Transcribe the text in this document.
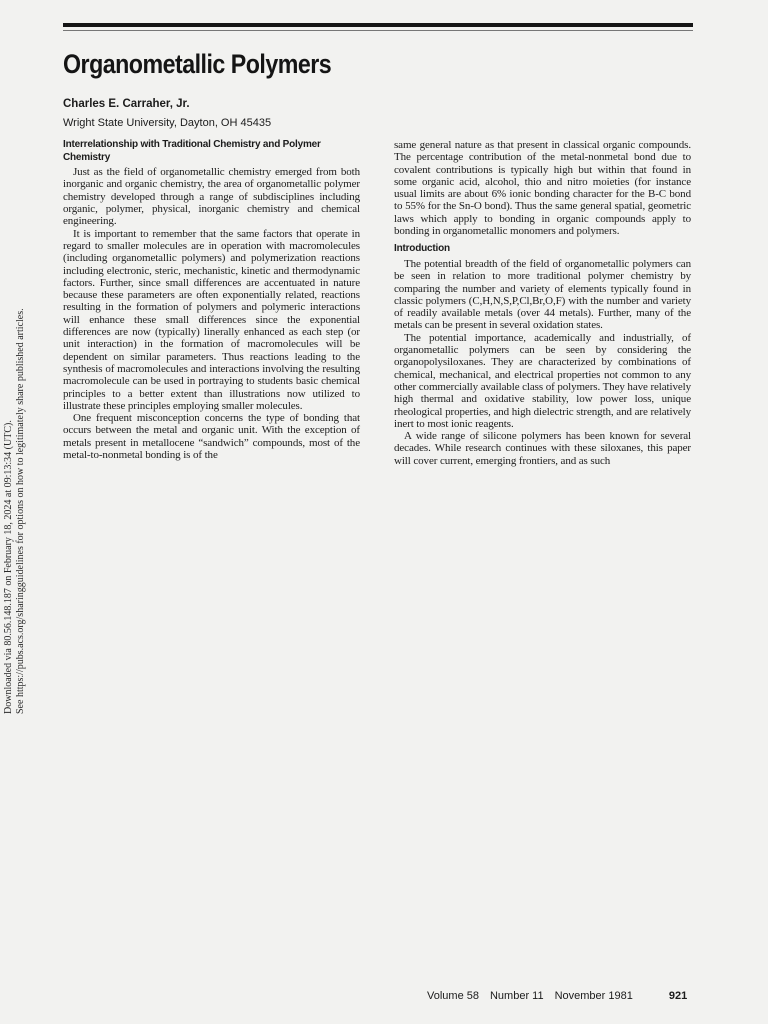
Organometallic Polymers
Charles E. Carraher, Jr.
Wright State University, Dayton, OH 45435
Downloaded via 80.56.148.187 on February 18, 2024 at 09:13:34 (UTC). See https://pubs.acs.org/sharingguidelines for options on how to legitimately share published articles.

Interrelationship with Traditional Chemistry and Polymer Chemistry

Just as the field of organometallic chemistry emerged from both inorganic and organic chemistry, the area of organometallic polymer chemistry developed through a range of subdisciplines including organic, polymer, physical, inorganic chemistry and chemical engineering.

It is important to remember that the same factors that operate in regard to smaller molecules are in operation with macromolecules (including organometallic polymers) and polymerization reactions including electronic, steric, mechanistic, kinetic and thermodynamic factors. Further, since small differences are accentuated in nature because these parameters are often exponentially related, reactions resulting in the formation of polymers and polymeric interactions will enhance these small differences since the exponential differences are now (typically) linerally enhanced as each step (or unit interaction) in the formation of macromolecules will be dependent on similar parameters. Thus reactions leading to the synthesis of macromolecules and interactions involving the resulting macromolecule can be used in portraying to students basic chemical principles to a better extent than illustrations now utilized to illustrate these principles employing smaller molecules.

One frequent misconception concerns the type of bonding that occurs between the metal and organic unit. With the exception of metals present in metallocene “sandwich” compounds, most of the metal-to-nonmetal bonding is of the

same general nature as that present in classical organic compounds. The percentage contribution of the metal-nonmetal bond due to covalent contributions is typically high but within that found in some organic acid, alcohol, thio and nitro moieties (for instance usual limits are about 6% ionic bonding character for the B-C bond to 55% for the Sn-O bond). Thus the same general spatial, geometric laws which apply to bonding in organic compounds apply to bonding in organometallic monomers and polymers.

Introduction

The potential breadth of the field of organometallic polymers can be seen in relation to more traditional polymer chemistry by comparing the number and variety of elements typically found in classic polymers (C,H,N,S,P,Cl,Br,O,F) with the number and variety of readily available metals (over 44 metals). Further, many of the metals can be present in several oxidation states.

The potential importance, academically and industrially, of organometallic polymers can be seen by considering the organopolysiloxanes. They are characterized by combinations of chemical, mechanical, and electrical properties not common to any other commercially available class of polymers. They have relatively high thermal and oxidative stability, low power loss, unique rheological properties, and high dielectric strength, and are relatively inert to most ionic reagents.

A wide range of silicone polymers has been known for several decades. While research continues with these siloxanes, this paper will cover current, emerging frontiers, and as such

Volume 58 Number 11 November 1981	921
